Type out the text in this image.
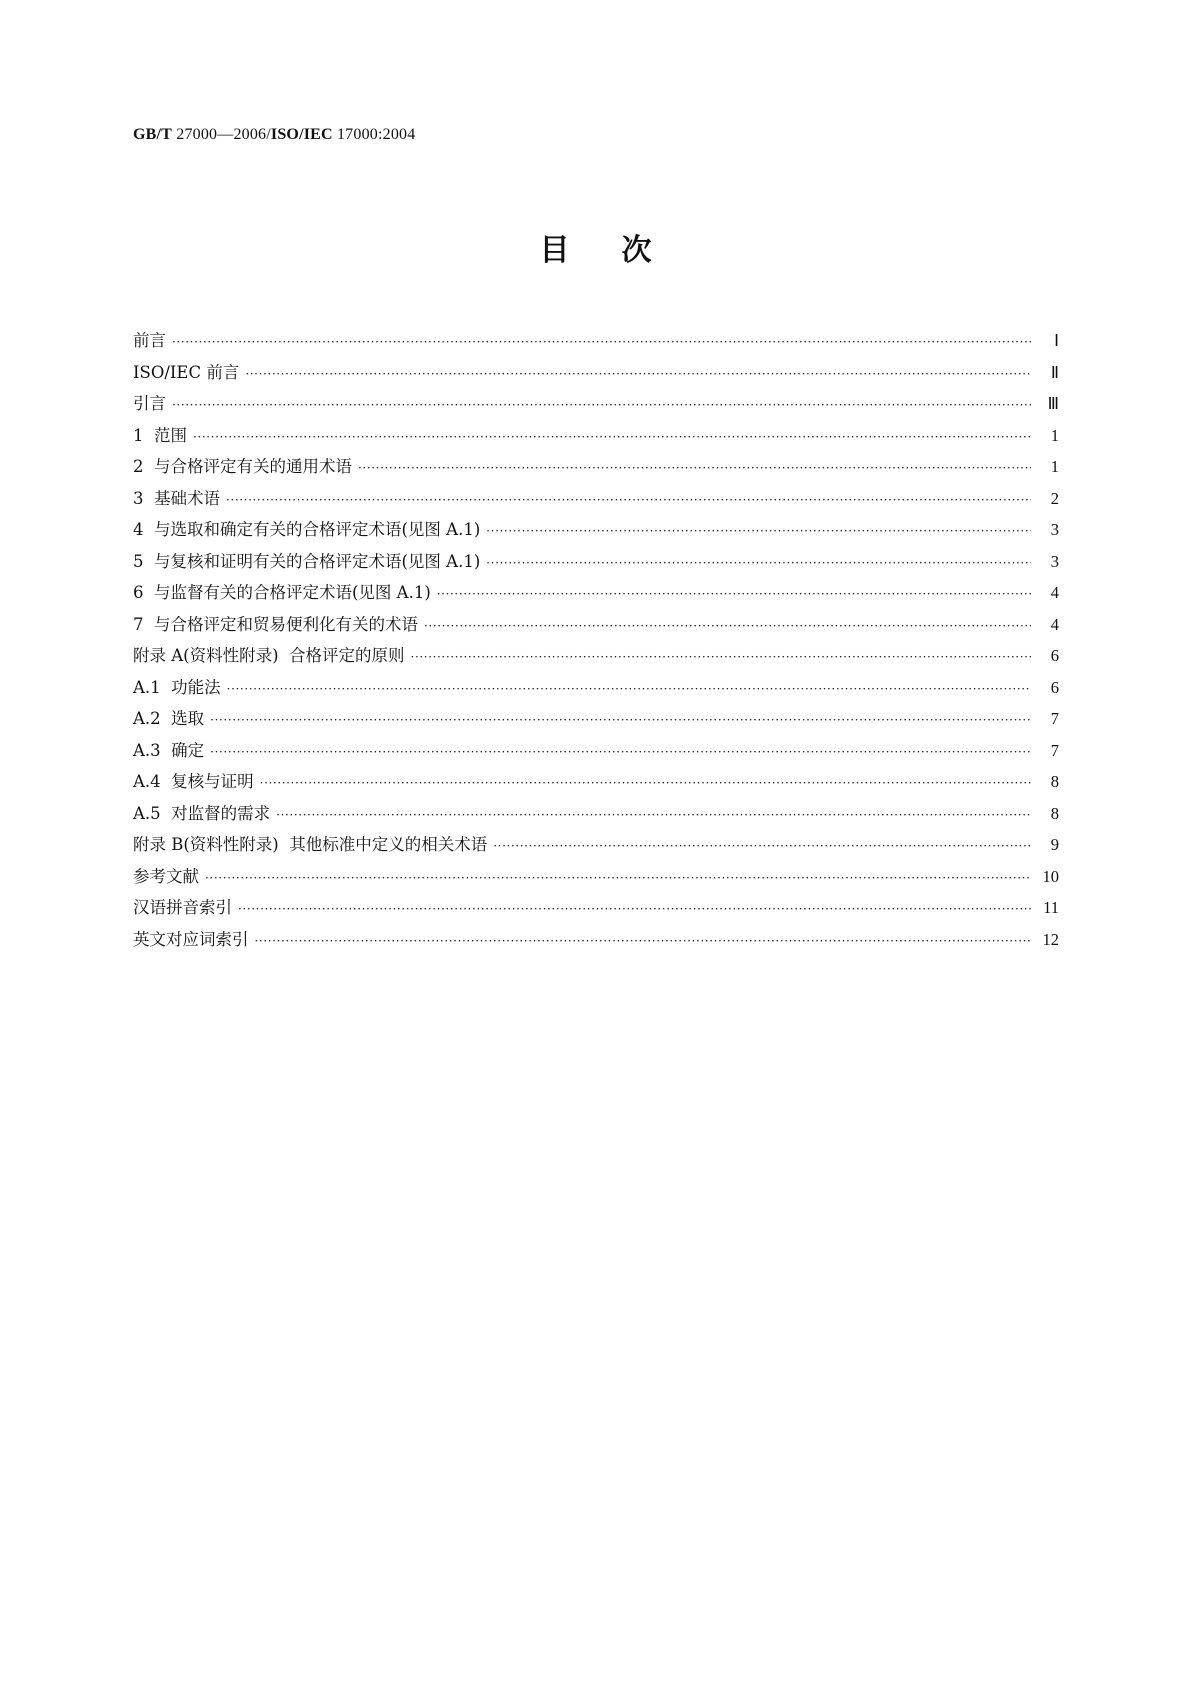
GB/T 27000—2006/ISO/IEC 17000:2004
目次
前言 ·····	Ⅰ
ISO/IEC 前言 ·····	Ⅱ
引言 ·····	Ⅲ
1  范围 ·····	1
2  与合格评定有关的通用术语 ·····	1
3  基础术语 ·····	2
4  与选取和确定有关的合格评定术语(见图 A.1) ·····	3
5  与复核和证明有关的合格评定术语(见图 A.1) ·····	3
6  与监督有关的合格评定术语(见图 A.1) ·····	4
7  与合格评定和贸易便利化有关的术语 ·····	4
附录 A(资料性附录)  合格评定的原则 ·····	6
A.1  功能法 ·····	6
A.2  选取 ·····	7
A.3  确定 ·····	7
A.4  复核与证明 ·····	8
A.5  对监督的需求 ·····	8
附录 B(资料性附录)  其他标准中定义的相关术语 ·····	9
参考文献 ·····	10
汉语拼音索引 ·····	11
英文对应词索引 ·····	12
